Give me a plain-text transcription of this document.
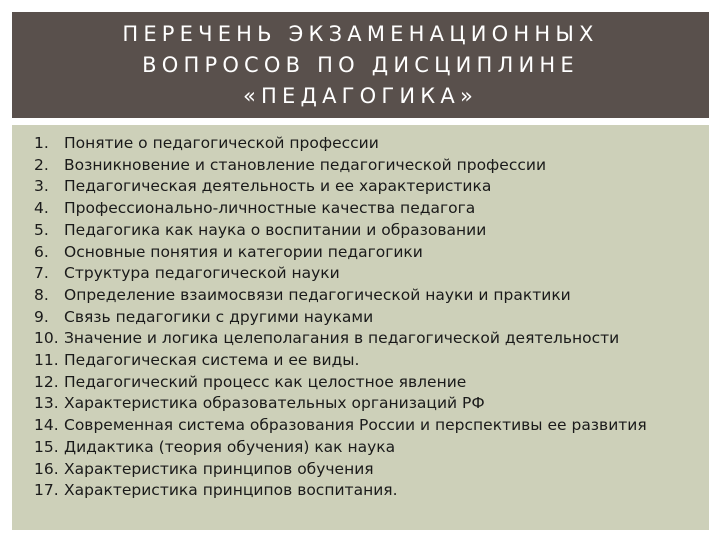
ПЕРЕЧЕНЬ ЭКЗАМЕНАЦИОННЫХ
ВОПРОСОВ ПО ДИСЦИПЛИНЕ
«ПЕДАГОГИКА»
1. Понятие о педагогической профессии
2. Возникновение и становление педагогической профессии
3. Педагогическая деятельность и ее характеристика
4. Профессионально-личностные качества педагога
5. Педагогика как наука о воспитании и образовании
6. Основные понятия и категории педагогики
7. Структура педагогической науки
8. Определение взаимосвязи педагогической науки и практики
9. Связь педагогики с другими науками
10. Значение и логика целеполагания в педагогической деятельности
11. Педагогическая система и ее виды.
12. Педагогический процесс как целостное явление
13. Характеристика образовательных организаций РФ
14. Современная система образования России и перспективы ее развития
15. Дидактика (теория обучения) как наука
16. Характеристика принципов обучения
17. Характеристика принципов воспитания.
